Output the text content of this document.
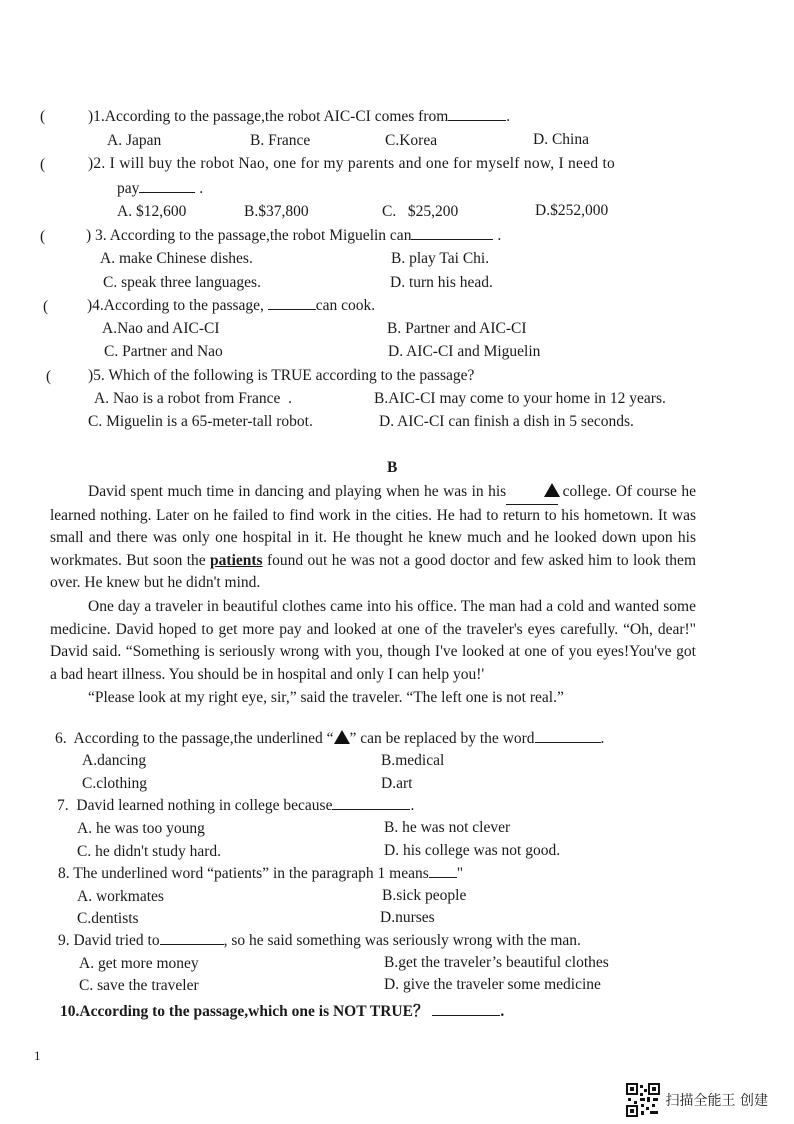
(	)1.According to the passage,the robot AIC-CI comes from	.
A. Japan	B. France	C.Korea	D. China
(	)2. I will buy the robot Nao, one for my parents and one for myself now, I need to
pay	.
A. $12,600	B.$37,800	C.   $25,200	D.$252,000
(	) 3. According to the passage,the robot Miguelin can	.
A. make Chinese dishes.	B. play Tai Chi.
C. speak three languages.	D. turn his head.
(	)4.According to the passage,	can cook.
A.Nao and AIC-CI	B. Partner and AIC-CI
C. Partner and Nao	D. AIC-CI and Miguelin
( )5. Which of the following is TRUE according to the passage?
A. Nao is a robot from France  .	B.AIC-CI may come to your home in 12 years.
C. Miguelin is a 65-meter-tall robot.	D. AIC-CI can finish a dish in 5 seconds.
B

David spent much time in dancing and playing when he was in his	college. Of course he learned nothing. Later on he failed to find work in the cities. He had to return to his hometown. It was small and there was only one hospital in it. He thought he knew much and he looked down upon his workmates. But soon the patients found out he was not a good doctor and few asked him to look them over. He knew but he didn't mind.

One day a traveler in beautiful clothes came into his office. The man had a cold and wanted some medicine. David hoped to get more pay and looked at one of the traveler's eyes carefully. “Oh, dear!" David said. “Something is seriously wrong with you, though I've looked at one of you eyes!You've got a bad heart illness. You should be in hospital and only I can help you!'

“Please look at my right eye, sir,” said the traveler. “The left one is not real.”

6. According to the passage,the underlined “ ” can be replaced by the word	.
A.dancing	B.medical
C.clothing	D.art
7. David learned nothing in college because	.
A. he was too young	B. he was not clever
C. he didn't study hard.	D. his college was not good.
8. The underlined word “patients” in the paragraph 1 means "
A. workmates	B.sick people
C.dentists	D.nurses
9. David tried to	, so he said something was seriously wrong with the man.
A. get more money	B.get the traveler’s beautiful clothes
C. save the traveler	D. give the traveler some medicine
10.According to the passage,which one is NOT TRUE？	.
1
扫描全能王 创建
